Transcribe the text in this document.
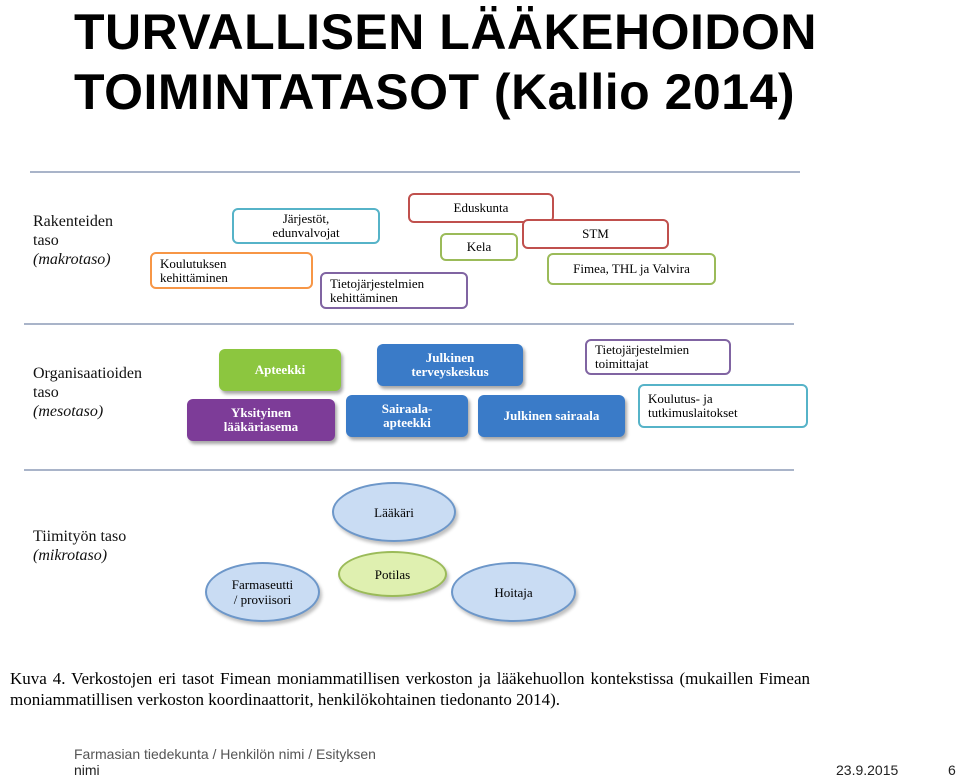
TURVALLISEN LÄÄKEHOIDON
TOIMINTATASOT (Kallio 2014)
Rakenteiden
taso
(makrotaso)
Organisaatioiden
taso
(mesotaso)
Tiimityön taso
(mikrotaso)
Eduskunta
Järjestöt,
edunvalvojat
Kela
STM
Koulutuksen
kehittäminen	Tietojärjestelmien
kehittäminen
Fimea, THL ja Valvira
Apteekki
Julkinen
terveyskeskus
Tietojärjestelmien
toimittajat
Yksityinen
lääkäriasema
Sairaala-
apteekki	Julkinen sairaala
Koulutus- ja
tutkimuslaitokset
Lääkäri
Farmaseutti
/ proviisori	Hoitaja
Potilas
Kuva 4. Verkostojen eri tasot Fimean moniammatillisen verkoston ja lääkehuollon kontekstissa (mukaillen Fimean moniammatillisen verkoston koordinaattorit, henkilökohtainen tiedonanto 2014).
Farmasian tiedekunta / Henkilön nimi / Esityksen
nimi	23.9.2015	6
